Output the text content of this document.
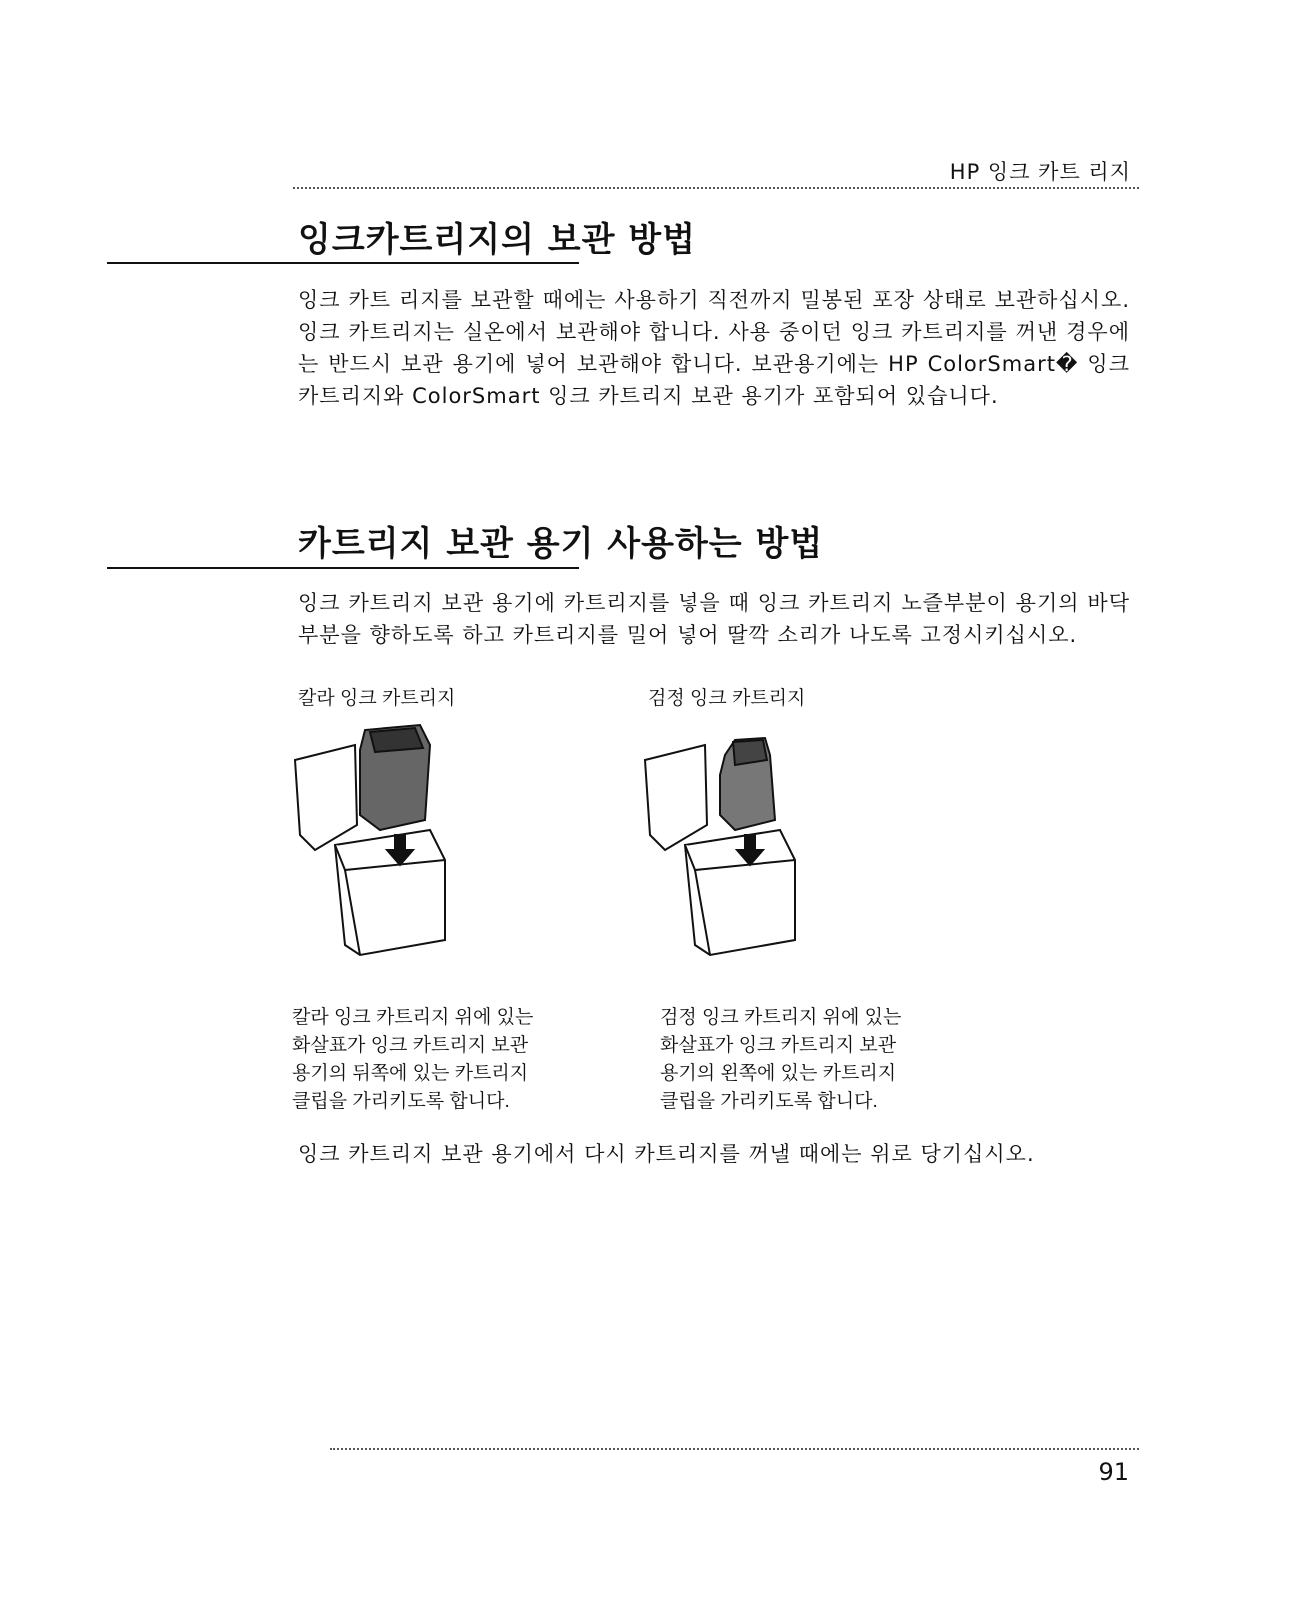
HP 잉크 카트 리지
잉크카트리지의 보관 방법
잉크 카트 리지를 보관할 때에는 사용하기 직전까지 밀봉된 포장 상태로 보관하십시오. 잉크 카트리지는 실온에서 보관해야 합니다. 사용 중이던 잉크 카트리지를 꺼낸 경우에는 반드시 보관 용기에 넣어 보관해야 합니다. 보관용기에는 HP ColorSmart� 잉크 카트리지와 ColorSmart 잉크 카트리지 보관 용기가 포함되어 있습니다.
카트리지 보관 용기 사용하는 방법
잉크 카트리지 보관 용기에 카트리지를 넣을 때 잉크 카트리지 노즐부분이 용기의 바닥 부분을 향하도록 하고 카트리지를 밀어 넣어 딸깍 소리가 나도록 고정시키십시오.
칼라 잉크 카트리지	검정 잉크 카트리지
칼라 잉크 카트리지 위에 있는
화살표가 잉크 카트리지 보관
용기의 뒤쪽에 있는 카트리지
클립을 가리키도록 합니다.
검정 잉크 카트리지 위에 있는
화살표가 잉크 카트리지 보관
용기의 왼쪽에 있는 카트리지
클립을 가리키도록 합니다.
잉크 카트리지 보관 용기에서 다시 카트리지를 꺼낼 때에는 위로 당기십시오.
91
